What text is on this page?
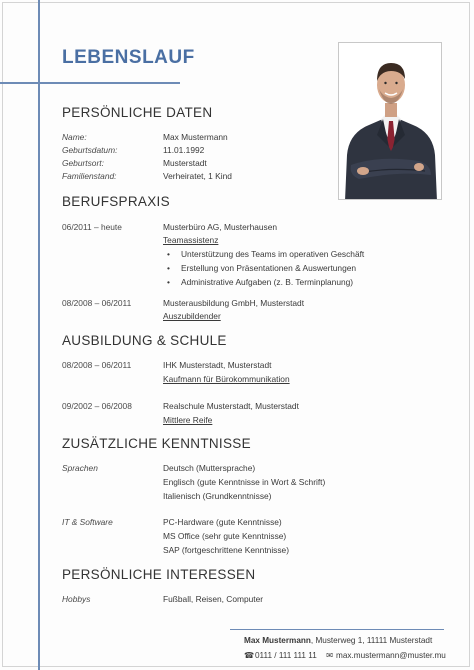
LEBENSLAUF
PERSÖNLICHE DATEN
Name:	Max Mustermann
Geburtsdatum:	11.01.1992
Geburtsort:	Musterstadt
Familienstand:	Verheiratet, 1 Kind
BERUFSPRAXIS
06/2011 – heute	Musterbüro AG, Musterhausen
Teamassistenz
• Unterstützung des Teams im operativen Geschäft
• Erstellung von Präsentationen & Auswertungen
• Administrative Aufgaben (z. B. Terminplanung)
08/2008 – 06/2011	Musterausbildung GmbH, Musterstadt
Auszubildender
AUSBILDUNG & SCHULE
08/2008 – 06/2011	IHK Musterstadt, Musterstadt
Kaufmann für Bürokommunikation
09/2002 – 06/2008	Realschule Musterstadt, Musterstadt
Mittlere Reife
ZUSÄTZLICHE KENNTNISSE
Sprachen	Deutsch (Muttersprache)
Englisch (gute Kenntnisse in Wort & Schrift)
Italienisch (Grundkenntnisse)
IT & Software	PC-Hardware (gute Kenntnisse)
MS Office (sehr gute Kenntnisse)
SAP (fortgeschrittene Kenntnisse)
PERSÖNLICHE INTERESSEN
Hobbys	Fußball, Reisen, Computer
Max Mustermann, Musterweg 1, 11111 Musterstadt
☎0111 / 111 111 11 ✉ max.mustermann@muster.mu
